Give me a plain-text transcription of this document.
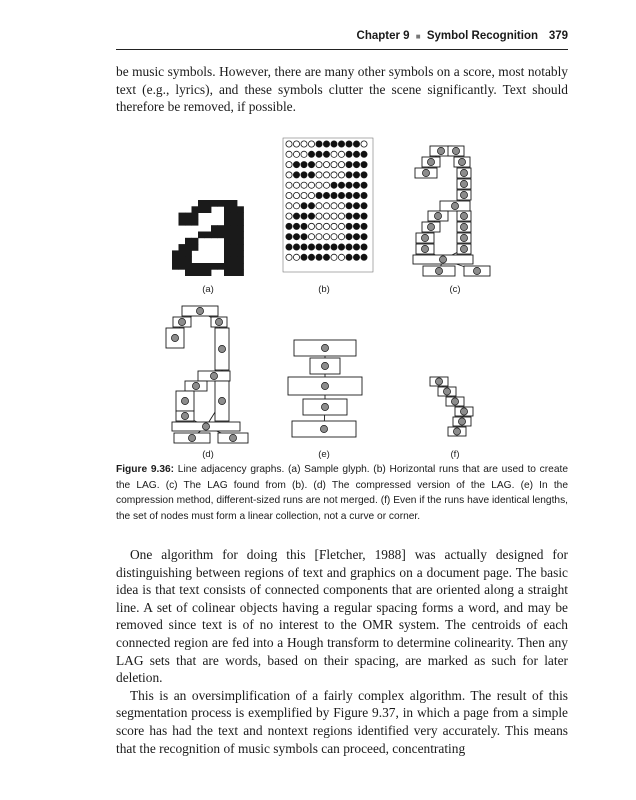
Chapter 9 ■ Symbol Recognition 379

be music symbols. However, there are many other symbols on a score, most notably text (e.g., lyrics), and these symbols clutter the scene significantly. Text should therefore be removed, if possible.

(a)	(b)	(c)
(d)	(e)	(f)
Figure 9.36: Line adjacency graphs. (a) Sample glyph. (b) Horizontal runs that are used to create the LAG. (c) The LAG found from (b). (d) The compressed version of the LAG. (e) In the compression method, different-sized runs are not merged. (f) Even if the runs have identical lengths, the set of nodes must form a linear collection, not a curve or corner.

One algorithm for doing this [Fletcher, 1988] was actually designed for distinguishing between regions of text and graphics on a document page. The basic idea is that text consists of connected components that are oriented along a straight line. A set of colinear objects having a regular spacing forms a word, and may be removed since text is of no interest to the OMR system. The centroids of each connected region are fed into a Hough transform to determine colinearity. Then any LAG sets that are words, based on their spacing, are marked as such for later deletion.

This is an oversimplification of a fairly complex algorithm. The result of this segmentation process is exemplified by Figure 9.37, in which a page from a simple score has had the text and nontext regions identified very accurately. This means that the recognition of music symbols can proceed, concentrating
